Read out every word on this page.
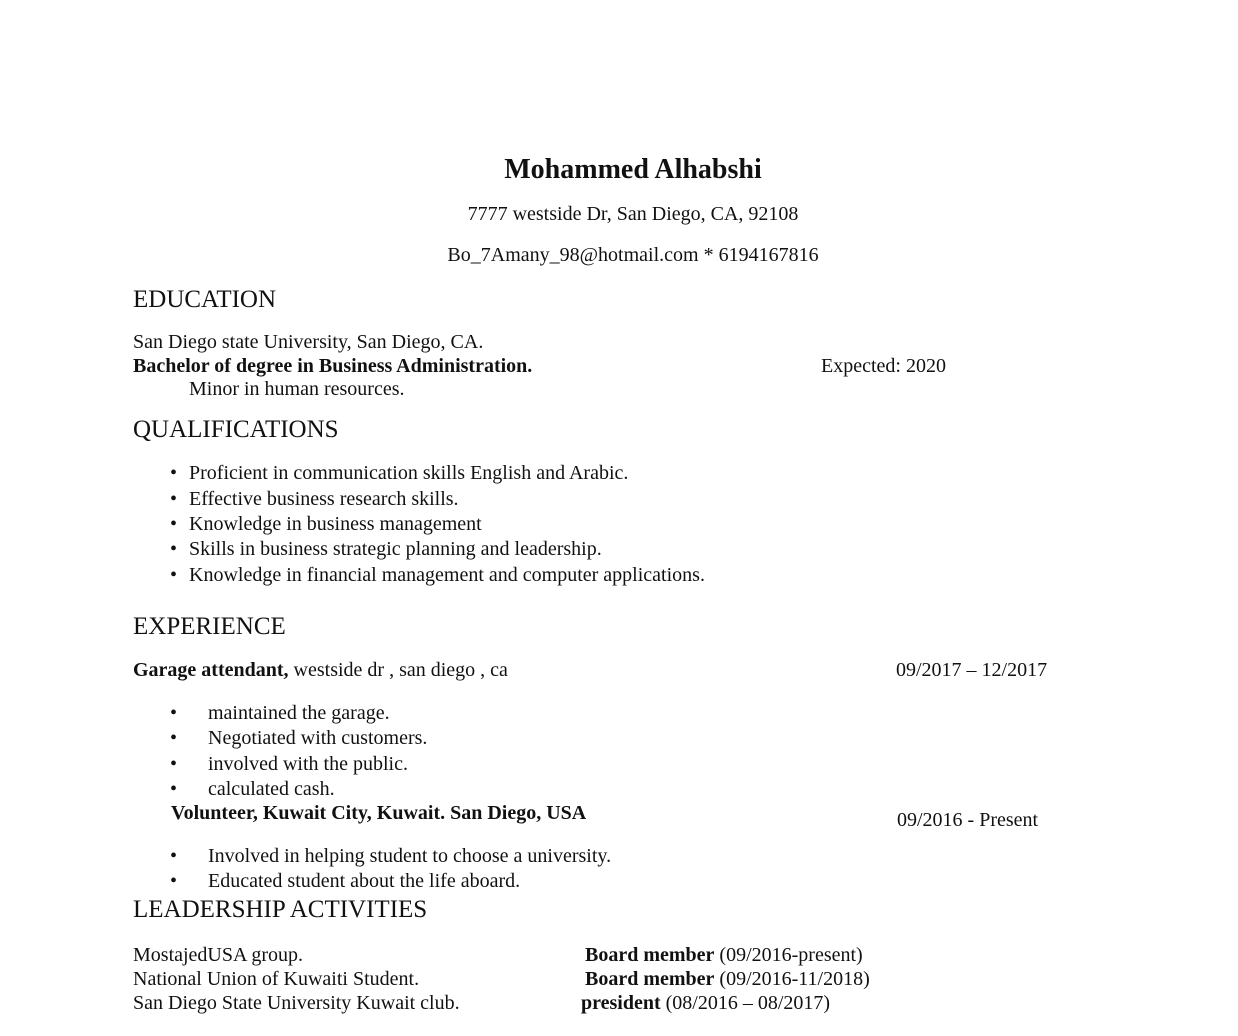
Mohammed Alhabshi
7777 westside Dr, San Diego, CA, 92108
Bo_7Amany_98@hotmail.com * 6194167816
EDUCATION
San Diego state University, San Diego, CA.
Bachelor of degree in Business Administration.	Expected: 2020
Minor in human resources.
QUALIFICATIONS
• Proficient in communication skills English and Arabic.
• Effective business research skills.
• Knowledge in business management
• Skills in business strategic planning and leadership.
• Knowledge in financial management and computer applications.
EXPERIENCE
Garage attendant, westside dr , san diego , ca	09/2017 – 12/2017
• maintained the garage.
• Negotiated with customers.
• involved with the public.
• calculated cash.
Volunteer, Kuwait City, Kuwait. San Diego, USA	09/2016 - Present
• Involved in helping student to choose a university.
• Educated student about the life aboard.
LEADERSHIP ACTIVITIES
MostajedUSA group.	Board member (09/2016-present)
National Union of Kuwaiti Student.	Board member (09/2016-11/2018)
San Diego State University Kuwait club.	president (08/2016 – 08/2017)
